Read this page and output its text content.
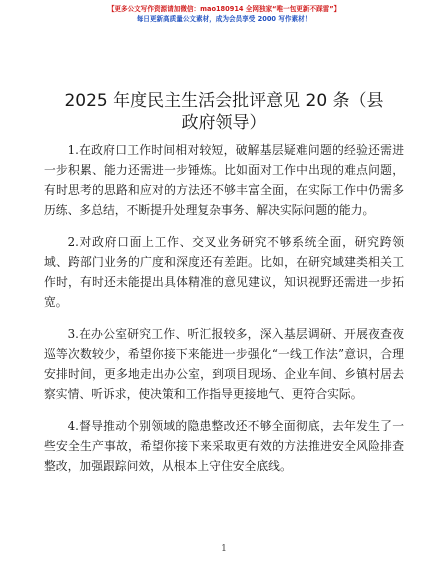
【更多公文写作资源请加微信：mao180914 全网独家“唯一包更新不踩雷”】
每日更新高质量公文素材，成为会员享受 2000 写作素材！
2025 年度民主生活会批评意见 20 条（县政府领导）

1.在政府口工作时间相对较短，破解基层疑难问题的经验还需进一步积累、能力还需进一步锤炼。比如面对工作中出现的难点问题，有时思考的思路和应对的方法还不够丰富全面，在实际工作中仍需多历练、多总结，不断提升处理复杂事务、解决实际问题的能力。

2.对政府口面上工作、交叉业务研究不够系统全面，研究跨领域、跨部门业务的广度和深度还有差距。比如，在研究域建类相关工作时，有时还未能提出具体精准的意见建议，知识视野还需进一步拓宽。

3.在办公室研究工作、听汇报较多，深入基层调研、开展夜查夜巡等次数较少，希望你接下来能进一步强化“一线工作法”意识，合理安排时间，更多地走出办公室，到项目现场、企业车间、乡镇村居去察实情、听诉求，使决策和工作指导更接地气、更符合实际。

4.督导推动个别领域的隐患整改还不够全面彻底，去年发生了一些安全生产事故，希望你接下来采取更有效的方法推进安全风险排查整改，加强跟踪问效，从根本上守住安全底线。

1
